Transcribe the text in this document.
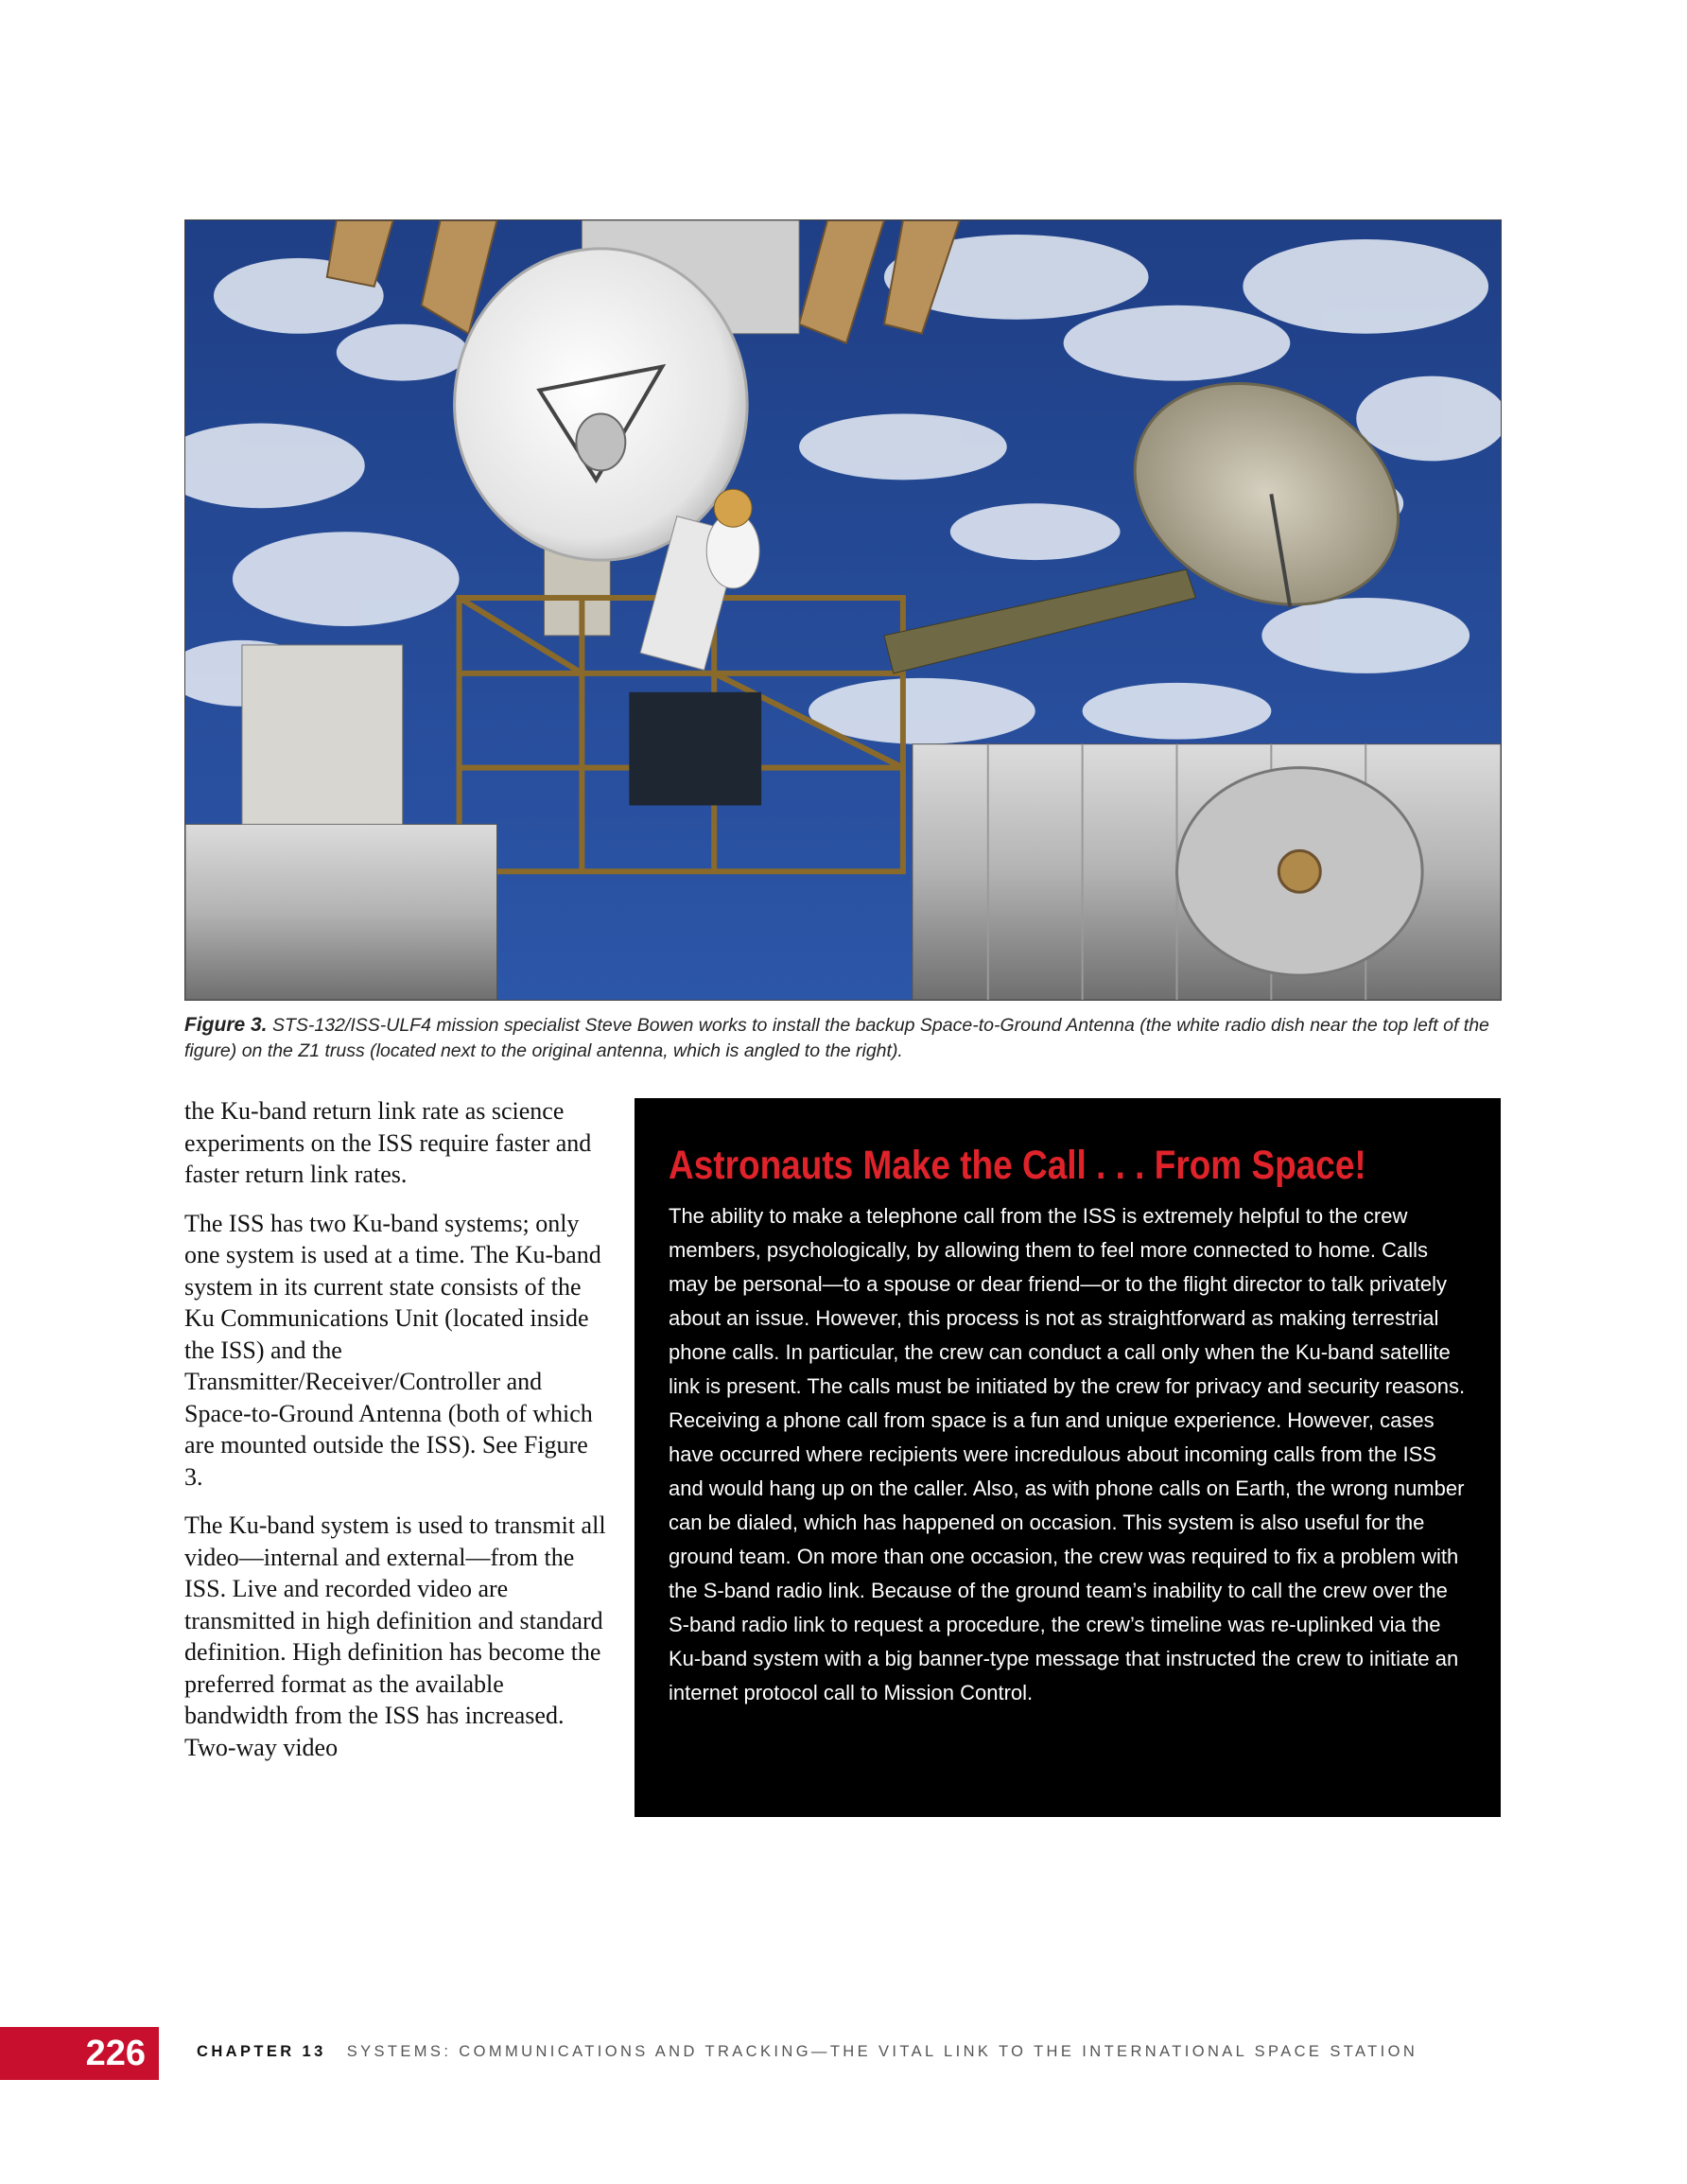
Figure 3. STS-132/ISS-ULF4 mission specialist Steve Bowen works to install the backup Space-to-Ground Antenna (the white radio dish near the top left of the figure) on the Z1 truss (located next to the original antenna, which is angled to the right).

the Ku-band return link rate as science experiments on the ISS require faster and faster return link rates.

The ISS has two Ku-band systems; only one system is used at a time. The Ku-band system in its current state consists of the Ku Communications Unit (located inside the ISS) and the Transmitter/Receiver/Controller and Space-to-Ground Antenna (both of which are mounted outside the ISS). See Figure 3.

The Ku-band system is used to transmit all video—internal and external—from the ISS. Live and recorded video are transmitted in high definition and standard definition. High definition has become the preferred format as the available bandwidth from the ISS has increased. Two-way video

Astronauts Make the Call . . . From Space!

The ability to make a telephone call from the ISS is extremely helpful to the crew members, psychologically, by allowing them to feel more connected to home. Calls may be personal—to a spouse or dear friend—or to the flight director to talk privately about an issue. However, this process is not as straightforward as making terrestrial phone calls. In particular, the crew can conduct a call only when the Ku-band satellite link is present. The calls must be initiated by the crew for privacy and security reasons. Receiving a phone call from space is a fun and unique experience. However, cases have occurred where recipients were incredulous about incoming calls from the ISS and would hang up on the caller. Also, as with phone calls on Earth, the wrong number can be dialed, which has happened on occasion. This system is also useful for the ground team. On more than one occasion, the crew was required to fix a problem with the S-band radio link. Because of the ground team’s inability to call the crew over the S-band radio link to request a procedure, the crew’s timeline was re-uplinked via the Ku-band system with a big banner-type message that instructed the crew to initiate an internet protocol call to Mission Control.

226	CHAPTER 13 SYSTEMS: COMMUNICATIONS AND TRACKING—THE VITAL LINK TO THE INTERNATIONAL SPACE STATION
